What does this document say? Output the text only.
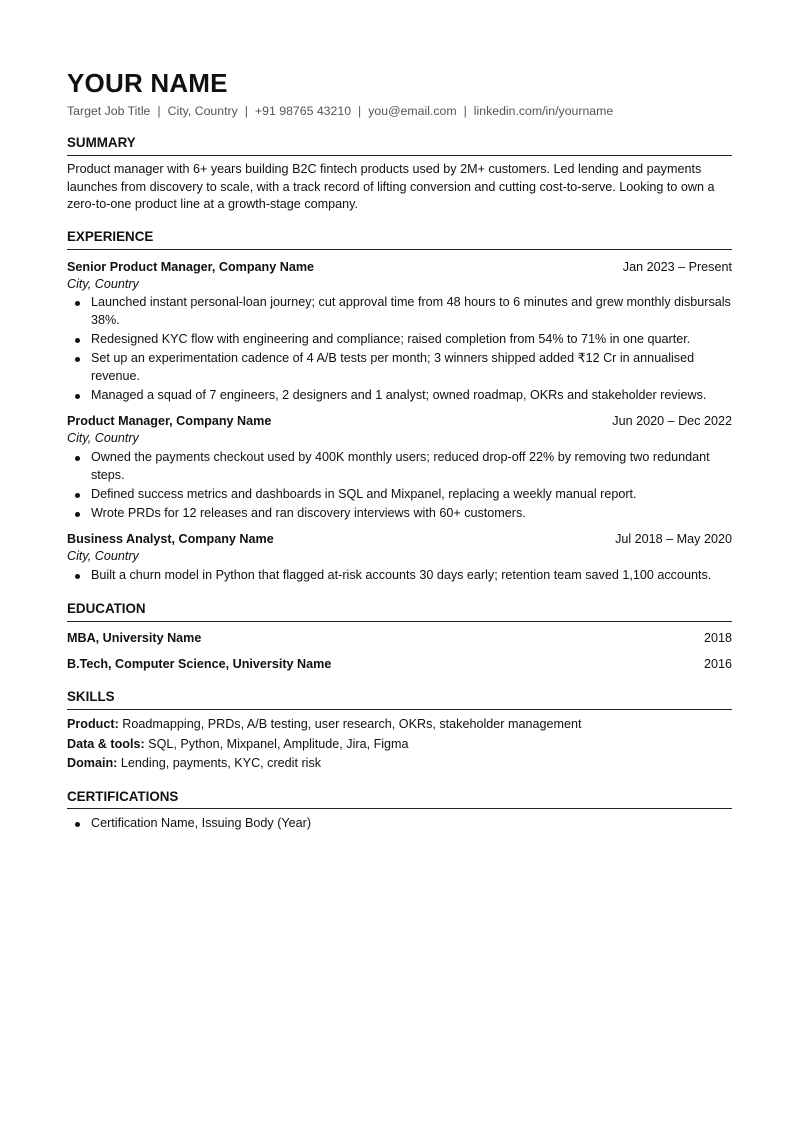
YOUR NAME
Target Job Title | City, Country | +91 98765 43210 | you@email.com | linkedin.com/in/yourname
SUMMARY
Product manager with 6+ years building B2C fintech products used by 2M+ customers. Led lending and payments launches from discovery to scale, with a track record of lifting conversion and cutting cost-to-serve. Looking to own a zero-to-one product line at a growth-stage company.
EXPERIENCE
Senior Product Manager, Company Name	Jan 2023 – Present
City, Country
Launched instant personal-loan journey; cut approval time from 48 hours to 6 minutes and grew monthly disbursals 38%.
Redesigned KYC flow with engineering and compliance; raised completion from 54% to 71% in one quarter.
Set up an experimentation cadence of 4 A/B tests per month; 3 winners shipped added ₹12 Cr in annualised revenue.
Managed a squad of 7 engineers, 2 designers and 1 analyst; owned roadmap, OKRs and stakeholder reviews.
Product Manager, Company Name	Jun 2020 – Dec 2022
City, Country
Owned the payments checkout used by 400K monthly users; reduced drop-off 22% by removing two redundant steps.
Defined success metrics and dashboards in SQL and Mixpanel, replacing a weekly manual report.
Wrote PRDs for 12 releases and ran discovery interviews with 60+ customers.
Business Analyst, Company Name	Jul 2018 – May 2020
City, Country
Built a churn model in Python that flagged at-risk accounts 30 days early; retention team saved 1,100 accounts.
EDUCATION
MBA, University Name	2018
B.Tech, Computer Science, University Name	2016
SKILLS
Product: Roadmapping, PRDs, A/B testing, user research, OKRs, stakeholder management
Data & tools: SQL, Python, Mixpanel, Amplitude, Jira, Figma
Domain: Lending, payments, KYC, credit risk
CERTIFICATIONS
Certification Name, Issuing Body (Year)
